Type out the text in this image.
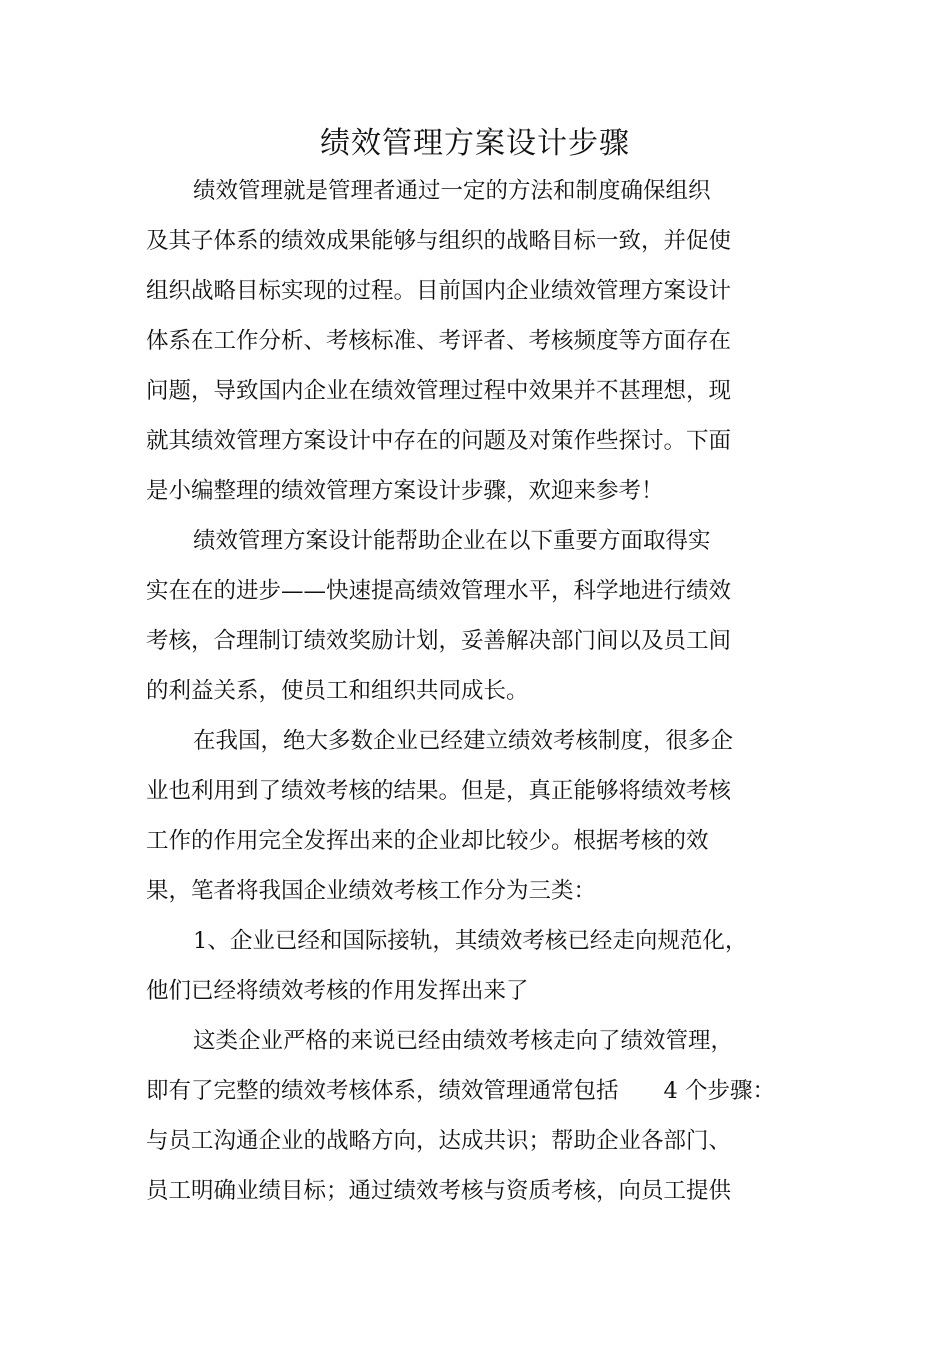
绩效管理方案设计步骤

绩效管理就是管理者通过一定的方法和制度确保组织

及其子体系的绩效成果能够与组织的战略目标一致，并促使

组织战略目标实现的过程。目前国内企业绩效管理方案设计

体系在工作分析、考核标准、考评者、考核频度等方面存在

问题，导致国内企业在绩效管理过程中效果并不甚理想，现

就其绩效管理方案设计中存在的问题及对策作些探讨。下面

是小编整理的绩效管理方案设计步骤，欢迎来参考！

绩效管理方案设计能帮助企业在以下重要方面取得实

实在在的进步——快速提高绩效管理水平，科学地进行绩效

考核，合理制订绩效奖励计划，妥善解决部门间以及员工间

的利益关系，使员工和组织共同成长。

在我国，绝大多数企业已经建立绩效考核制度，很多企

业也利用到了绩效考核的结果。但是，真正能够将绩效考核

工作的作用完全发挥出来的企业却比较少。根据考核的效

果，笔者将我国企业绩效考核工作分为三类：

1、企业已经和国际接轨，其绩效考核已经走向规范化，

他们已经将绩效考核的作用发挥出来了

这类企业严格的来说已经由绩效考核走向了绩效管理，

即有了完整的绩效考核体系，绩效管理通常包括　　4 个步骤：

与员工沟通企业的战略方向，达成共识；帮助企业各部门、

员工明确业绩目标；通过绩效考核与资质考核，向员工提供
